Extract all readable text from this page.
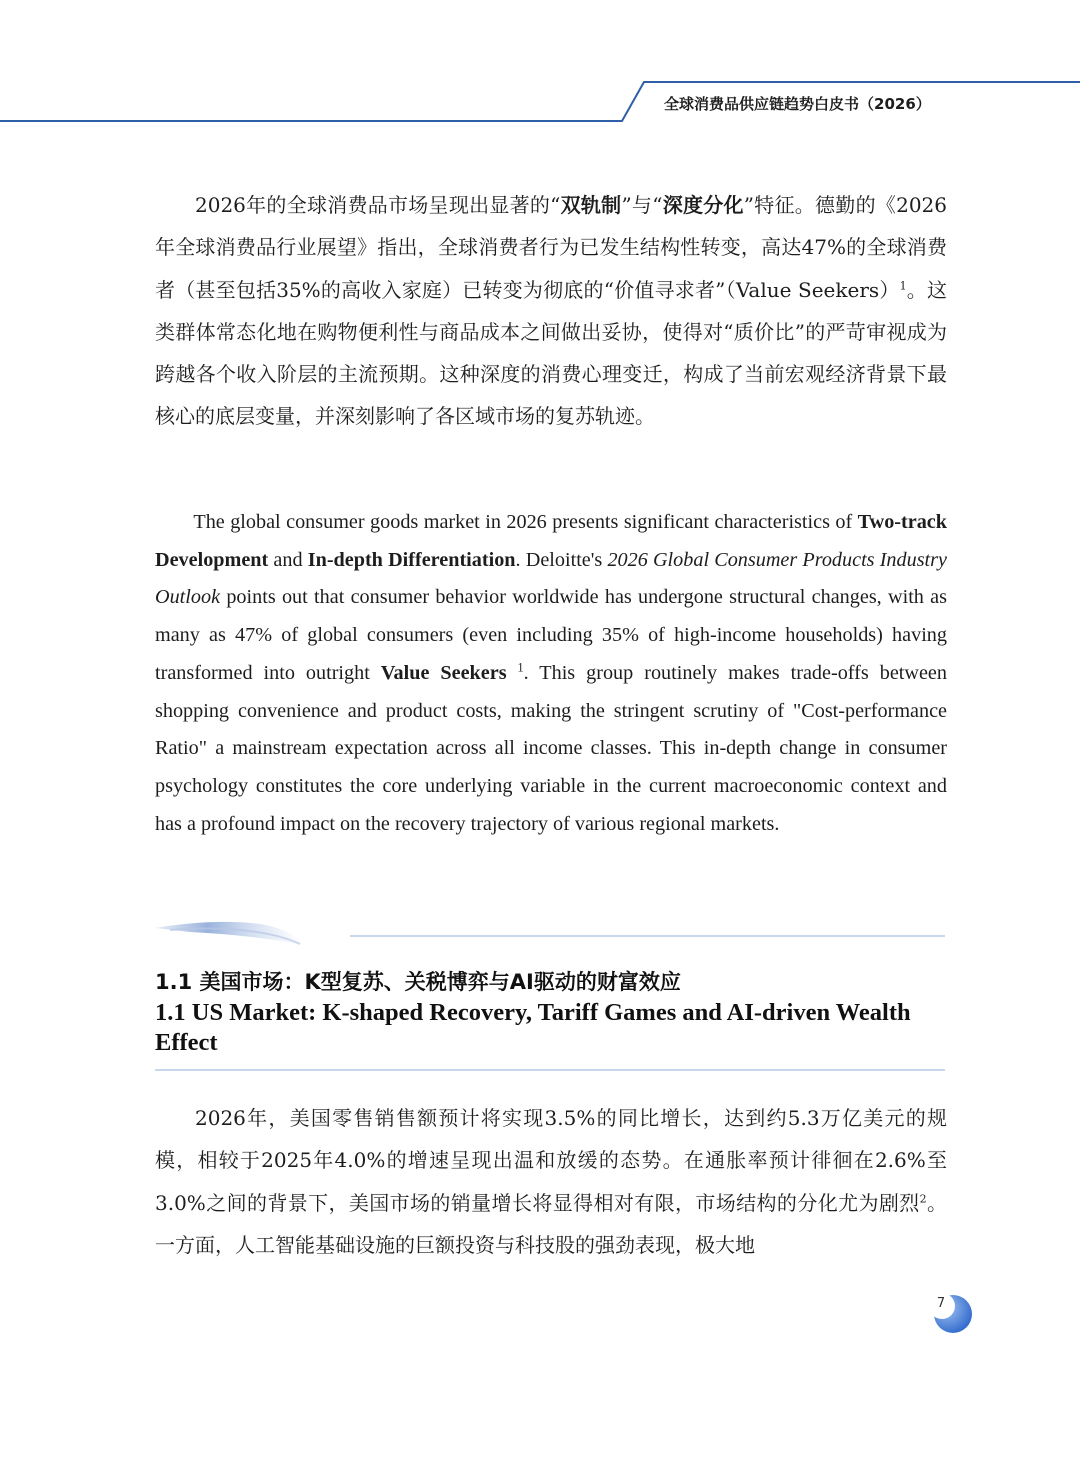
全球消费品供应链趋势白皮书（2026）

2026年的全球消费品市场呈现出显著的“双轨制”与“深度分化”特征。德勤的《2026年全球消费品行业展望》指出，全球消费者行为已发生结构性转变，高达47%的全球消费者（甚至包括35%的高收入家庭）已转变为彻底的“价值寻求者”（Value Seekers）$^1$。这类群体常态化地在购物便利性与商品成本之间做出妥协，使得对“质价比”的严苛审视成为跨越各个收入阶层的主流预期。这种深度的消费心理变迁，构成了当前宏观经济背景下最核心的底层变量，并深刻影响了各区域市场的复苏轨迹。

The global consumer goods market in 2026 presents significant characteristics of Two-track Development and In-depth Differentiation. Deloitte's 2026 Global Consumer Products Industry Outlook points out that consumer behavior worldwide has undergone structural changes, with as many as 47% of global consumers (even including 35% of high-income households) having transformed into outright Value Seekers $^1$. This group routinely makes trade-offs between shopping convenience and product costs, making the stringent scrutiny of "Cost-performance Ratio" a mainstream expectation across all income classes. This in-depth change in consumer psychology constitutes the core underlying variable in the current macroeconomic context and has a profound impact on the recovery trajectory of various regional markets.

1.1 美国市场：K型复苏、关税博弈与AI驱动的财富效应
1.1 US Market: K-shaped Recovery, Tariff Games and AI-driven Wealth Effect

2026年，美国零售销售额预计将实现3.5%的同比增长，达到约5.3万亿美元的规模，相较于2025年4.0%的增速呈现出温和放缓的态势。在通胀率预计徘徊在2.6%至3.0%之间的背景下，美国市场的销量增长将显得相对有限，市场结构的分化尤为剧烈$^2$。一方面，人工智能基础设施的巨额投资与科技股的强劲表现，极大地

7
